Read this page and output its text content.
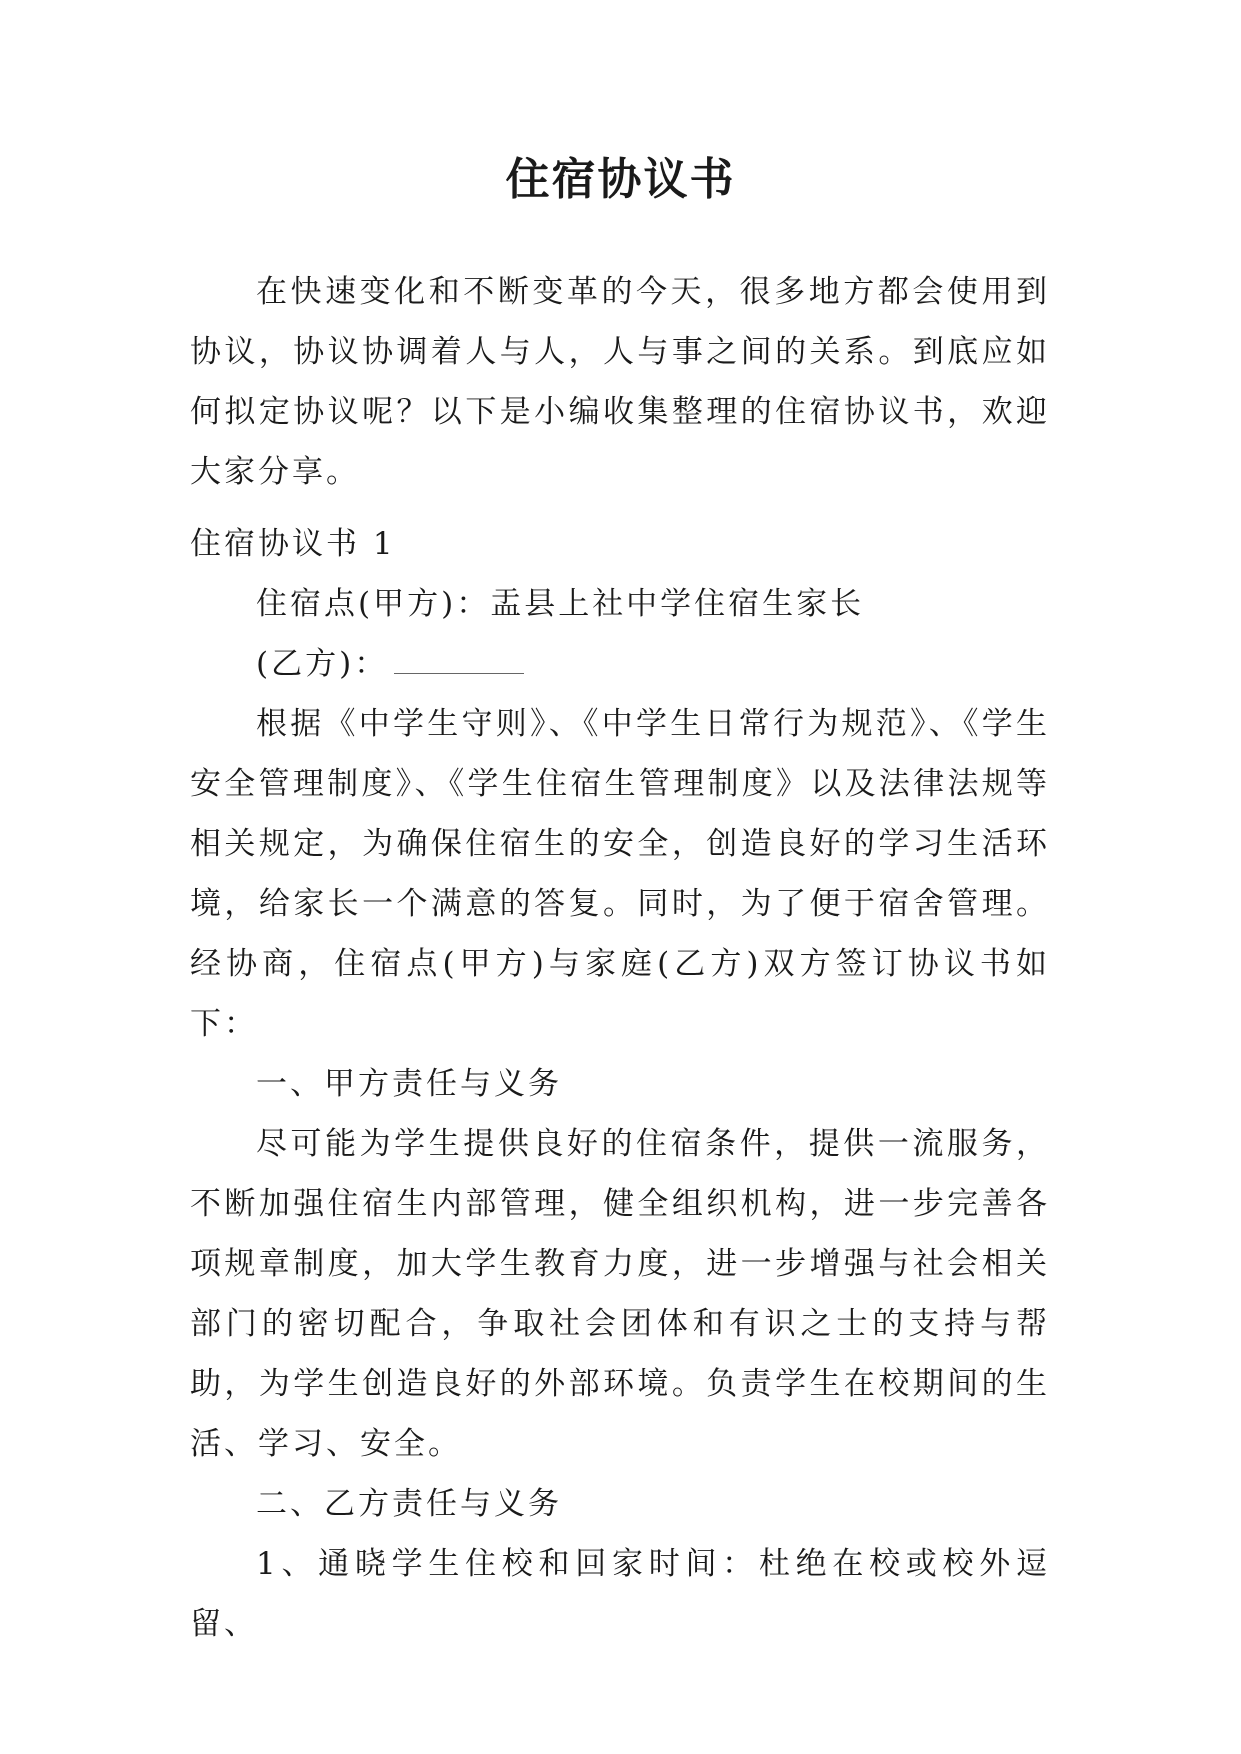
住宿协议书

在快速变化和不断变革的今天，很多地方都会使用到协议，协议协调着人与人，人与事之间的关系。到底应如何拟定协议呢？以下是小编收集整理的住宿协议书，欢迎大家分享。

住宿协议书 1

住宿点(甲方)：盂县上社中学住宿生家长

(乙方)：

根据《中学生守则》、《中学生日常行为规范》、《学生安全管理制度》、《学生住宿生管理制度》以及法律法规等相关规定，为确保住宿生的安全，创造良好的学习生活环境，给家长一个满意的答复。同时，为了便于宿舍管理。经协商，住宿点(甲方)与家庭(乙方)双方签订协议书如下：

一、甲方责任与义务

尽可能为学生提供良好的住宿条件，提供一流服务，不断加强住宿生内部管理，健全组织机构，进一步完善各项规章制度，加大学生教育力度，进一步增强与社会相关部门的密切配合，争取社会团体和有识之士的支持与帮助，为学生创造良好的外部环境。负责学生在校期间的生活、学习、安全。

二、乙方责任与义务

1、通晓学生住校和回家时间：杜绝在校或校外逗留、
